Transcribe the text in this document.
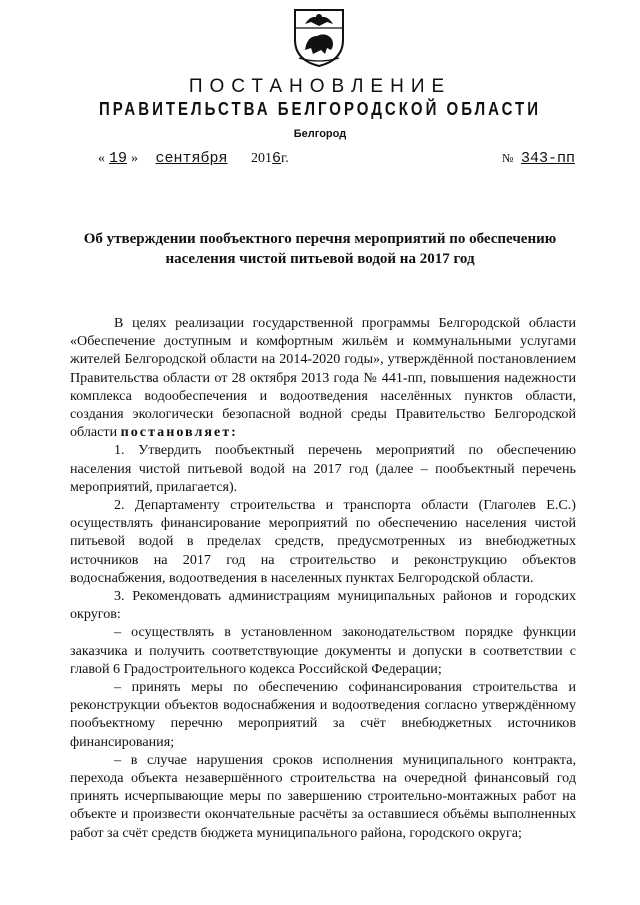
ПОСТАНОВЛЕНИЕ
ПРАВИТЕЛЬСТВА БЕЛГОРОДСКОЙ ОБЛАСТИ
Белгород
« 19 » сентября 2016г.	№ 343-пп
Об утверждении пообъектного перечня мероприятий по обеспечению
населения чистой питьевой водой на 2017 год

В целях реализации государственной программы Белгородской области «Обеспечение доступным и комфортным жильём и коммунальными услугами жителей Белгородской области на 2014-2020 годы», утверждённой постановлением Правительства области от 28 октября 2013 года № 441-пп, повышения надежности комплекса водообеспечения и водоотведения населённых пунктов области, создания экологически безопасной водной среды Правительство Белгородской области постановляет:

1. Утвердить пообъектный перечень мероприятий по обеспечению населения чистой питьевой водой на 2017 год (далее – пообъектный перечень мероприятий, прилагается).

2. Департаменту строительства и транспорта области (Глаголев Е.С.) осуществлять финансирование мероприятий по обеспечению населения чистой питьевой водой в пределах средств, предусмотренных из внебюджетных источников на 2017 год на строительство и реконструкцию объектов водоснабжения, водоотведения в населенных пунктах Белгородской области.

3. Рекомендовать администрациям муниципальных районов и городских округов:

– осуществлять в установленном законодательством порядке функции заказчика и получить соответствующие документы и допуски в соответствии с главой 6 Градостроительного кодекса Российской Федерации;

– принять меры по обеспечению софинансирования строительства и реконструкции объектов водоснабжения и водоотведения согласно утверждённому пообъектному перечню мероприятий за счёт внебюджетных источников финансирования;

– в случае нарушения сроков исполнения муниципального контракта, перехода объекта незавершённого строительства на очередной финансовый год принять исчерпывающие меры по завершению строительно-монтажных работ на объекте и произвести окончательные расчёты за оставшиеся объёмы выполненных работ за счёт средств бюджета муниципального района, городского округа;
